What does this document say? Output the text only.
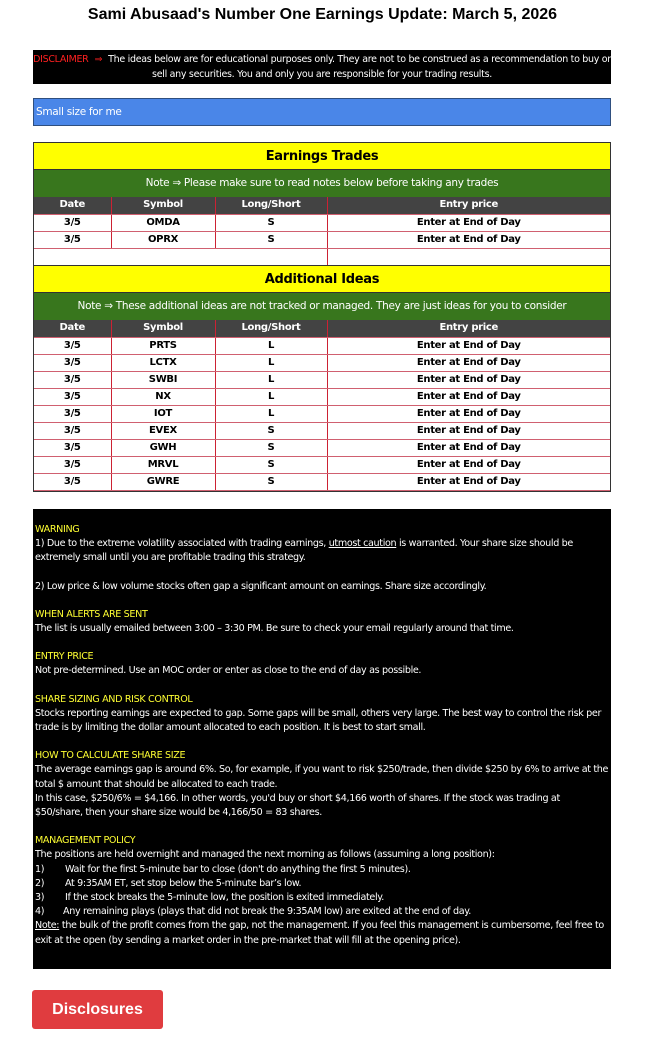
Sami Abusaad's Number One Earnings Update: March 5, 2026
DISCLAIMER ⇒ The ideas below are for educational purposes only. They are not to be construed as a recommendation to buy or sell any securities. You and only you are responsible for your trading results.
Small size for me
Earnings Trades
Note ⇒ Please make sure to read notes below before taking any trades
Date	Symbol	Long/Short	Entry price
3/5	OMDA	S	Enter at End of Day
3/5	OPRX	S	Enter at End of Day

Additional Ideas
Note ⇒ These additional ideas are not tracked or managed. They are just ideas for you to consider
Date	Symbol	Long/Short	Entry price
3/5	PRTS	L	Enter at End of Day
3/5	LCTX	L	Enter at End of Day
3/5	SWBI	L	Enter at End of Day
3/5	NX	L	Enter at End of Day
3/5	IOT	L	Enter at End of Day
3/5	EVEX	S	Enter at End of Day
3/5	GWH	S	Enter at End of Day
3/5	MRVL	S	Enter at End of Day
3/5	GWRE	S	Enter at End of Day

WARNING

1) Due to the extreme volatility associated with trading earnings, utmost caution is warranted. Your share size should be extremely small until you are profitable trading this strategy.

2) Low price & low volume stocks often gap a significant amount on earnings. Share size accordingly.

WHEN ALERTS ARE SENT

The list is usually emailed between 3:00 – 3:30 PM. Be sure to check your email regularly around that time.

ENTRY PRICE

Not pre-determined. Use an MOC order or enter as close to the end of day as possible.

SHARE SIZING AND RISK CONTROL

Stocks reporting earnings are expected to gap. Some gaps will be small, others very large. The best way to control the risk per trade is by limiting the dollar amount allocated to each position. It is best to start small.

HOW TO CALCULATE SHARE SIZE

The average earnings gap is around 6%. So, for example, if you want to risk $250/trade, then divide $250 by 6% to arrive at the total $ amount that should be allocated to each trade.

In this case, $250/6% = $4,166. In other words, you'd buy or short $4,166 worth of shares. If the stock was trading at $50/share, then your share size would be 4,166/50 = 83 shares.

MANAGEMENT POLICY

The positions are held overnight and managed the next morning as follows (assuming a long position):

1)	Wait for the first 5-minute bar to close (don't do anything the first 5 minutes).
2)	At 9:35AM ET, set stop below the 5-minute bar’s low.
3)	If the stock breaks the 5-minute low, the position is exited immediately.
4)	Any remaining plays (plays that did not break the 9:35AM low) are exited at the end of day.

Note: the bulk of the profit comes from the gap, not the management. If you feel this management is cumbersome, feel free to exit at the open (by sending a market order in the pre-market that will fill at the opening price).

Disclosures
